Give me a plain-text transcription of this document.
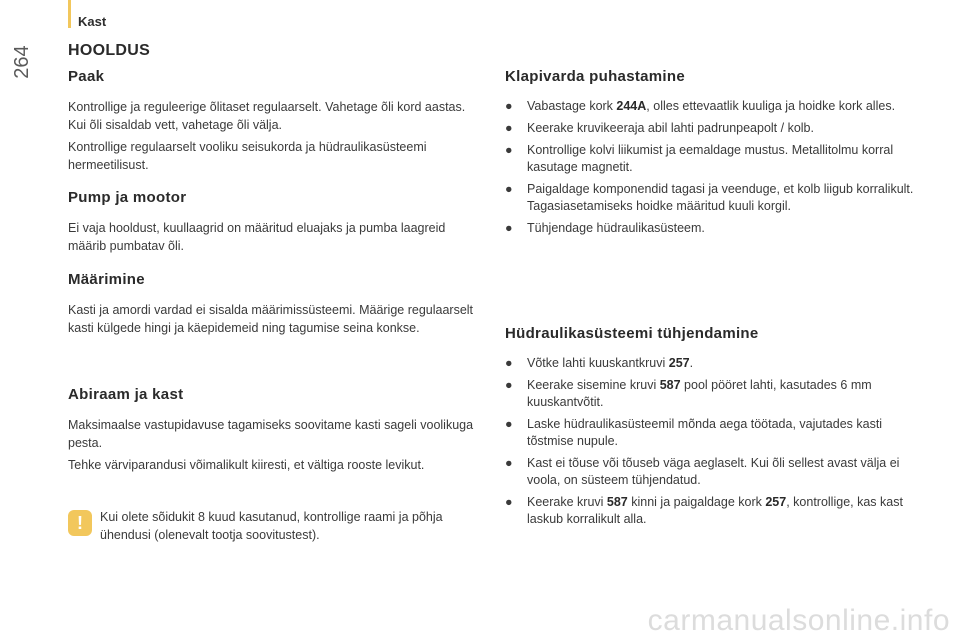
264
Kast
HOOLDUS
Paak

Kontrollige ja reguleerige õlitaset regulaarselt. Vahetage õli kord aastas. Kui õli sisaldab vett, vahetage õli välja.

Kontrollige regulaarselt vooliku seisukorda ja hüdraulikasüsteemi hermeetilisust.

Pump ja mootor

Ei vaja hooldust, kuullaagrid on määritud eluajaks ja pumba laagreid määrib pumbatav õli.

Määrimine

Kasti ja amordi vardad ei sisalda määrimissüsteemi. Määrige regulaarselt kasti külgede hingi ja käepidemeid ning tagumise seina konkse.

Abiraam ja kast

Maksimaalse vastupidavuse tagamiseks soovitame kasti sageli voolikuga pesta.

Tehke värviparandusi võimalikult kiiresti, et vältiga rooste levikut.

!	Kui olete sõidukit 8 kuud kasutanud, kontrollige raami ja põhja ühendusi (olenevalt tootja soovitustest).

Klapivarda puhastamine
● Vabastage kork 244A, olles ettevaatlik kuuliga ja hoidke kork alles.
● Keerake kruvikeeraja abil lahti padrunpeapolt / kolb.
● Kontrollige kolvi liikumist ja eemaldage mustus. Metallitolmu korral kasutage magnetit.
● Paigaldage komponendid tagasi ja veenduge, et kolb liigub korralikult. Tagasiasetamiseks hoidke määritud kuuli korgil.
● Tühjendage hüdraulikasüsteem.
Hüdraulikasüsteemi tühjendamine
● Võtke lahti kuuskantkruvi 257.
● Keerake sisemine kruvi 587 pool pööret lahti, kasutades 6 mm kuuskantvõtit.
● Laske hüdraulikasüsteemil mõnda aega töötada, vajutades kasti tõstmise nupule.
● Kast ei tõuse või tõuseb väga aeglaselt. Kui õli sellest avast välja ei voola, on süsteem tühjendatud.
● Keerake kruvi 587 kinni ja paigaldage kork 257, kontrollige, kas kast laskub korralikult alla.
carmanualsonline.info
